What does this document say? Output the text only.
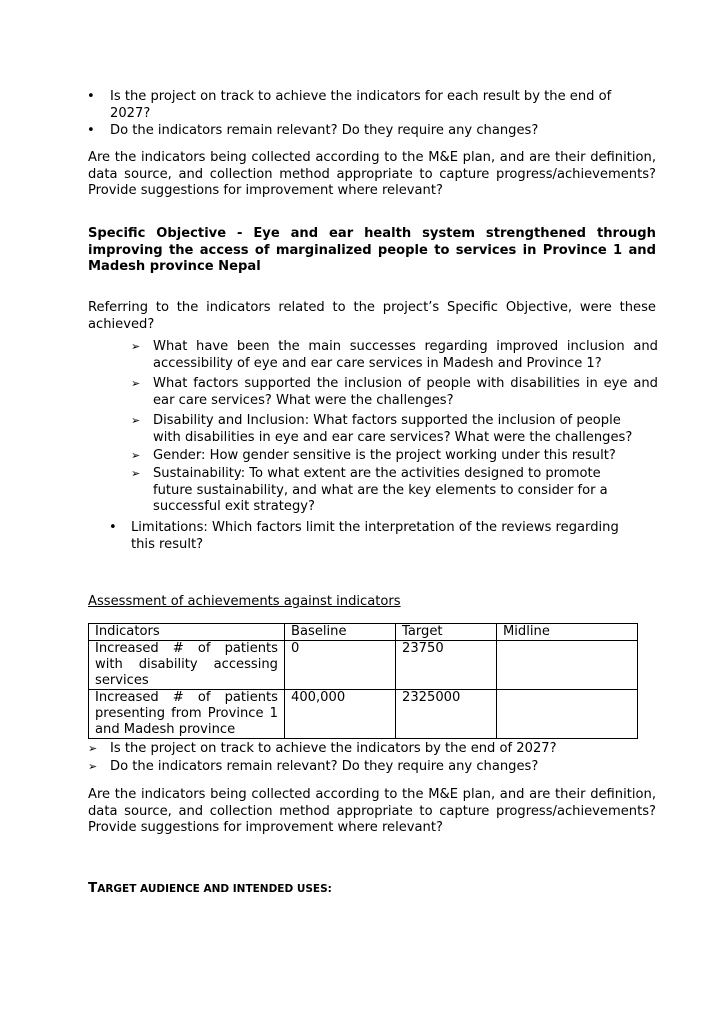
•	Is the project on track to achieve the indicators for each result by the end of 2027?
•	Do the indicators remain relevant? Do they require any changes?
Are the indicators being collected according to the M&E plan, and are their definition, data source, and collection method appropriate to capture progress/achievements? Provide suggestions for improvement where relevant?
Specific Objective - Eye and ear health system strengthened through improving the access of marginalized people to services in Province 1 and Madesh province Nepal
Referring to the indicators related to the project’s Specific Objective, were these achieved?
➢ What have been the main successes regarding improved inclusion and accessibility of eye and ear care services in Madesh and Province 1?
➢ What factors supported the inclusion of people with disabilities in eye and ear care services? What were the challenges?
➢ Disability and Inclusion: What factors supported the inclusion of people with disabilities in eye and ear care services? What were the challenges?
➢ Gender: How gender sensitive is the project working under this result?
➢ Sustainability: To what extent are the activities designed to promote future sustainability, and what are the key elements to consider for a successful exit strategy?
• Limitations: Which factors limit the interpretation of the reviews regarding this result?
Assessment of achievements against indicators
Indicators	Baseline	Target	Midline
Increased # of patients with disability accessing services	0	23750	
Increased # of patients presenting from Province 1 and Madesh province	400,000	2325000	
➢ Is the project on track to achieve the indicators by the end of 2027?
➢ Do the indicators remain relevant? Do they require any changes?
Are the indicators being collected according to the M&E plan, and are their definition, data source, and collection method appropriate to capture progress/achievements? Provide suggestions for improvement where relevant?
TARGET AUDIENCE AND INTENDED USES:
